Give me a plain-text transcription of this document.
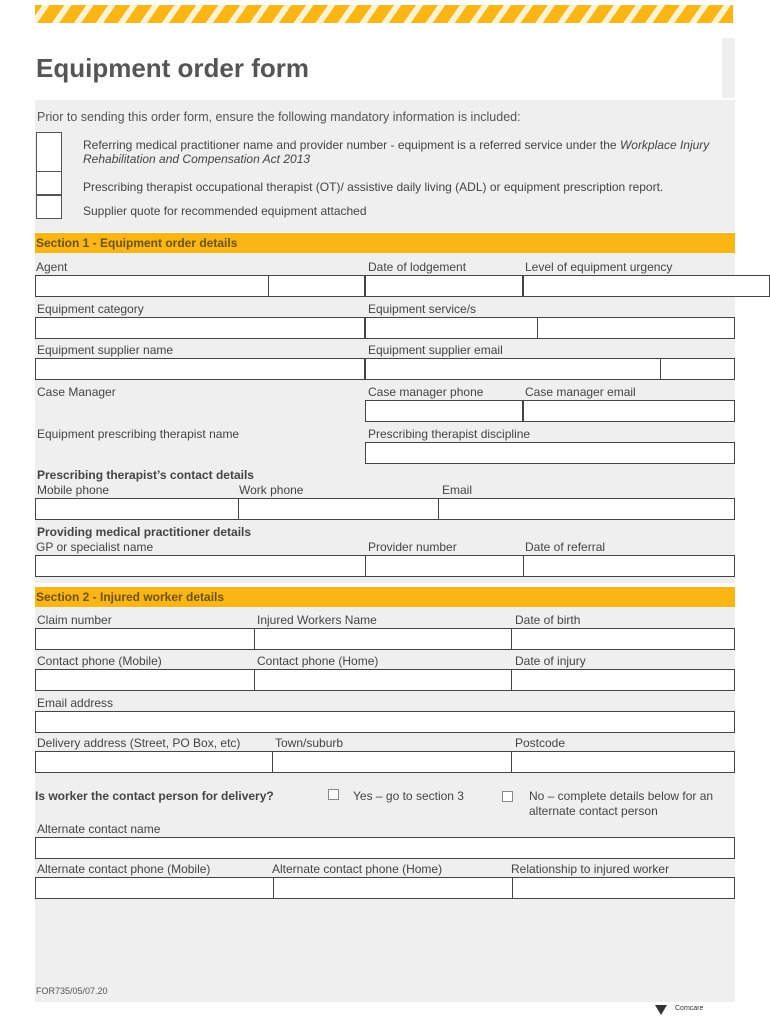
Equipment order form
Prior to sending this order form, ensure the following mandatory information is included:
Referring medical practitioner name and provider number - equipment is a referred service under the Workplace Injury Rehabilitation and Compensation Act 2013
Prescribing therapist occupational therapist (OT)/ assistive daily living (ADL) or equipment prescription report.
Supplier quote for recommended equipment attached
Section 1 - Equipment order details
Agent	Date of lodgement	Level of equipment urgency
Equipment category	Equipment service/s
Equipment supplier name	Equipment supplier email
Case Manager	Case manager phone	Case manager email
Equipment prescribing therapist name	Prescribing therapist discipline
Prescribing therapist’s contact details
Mobile phone	Work phone	Email
Providing medical practitioner details
GP or specialist name	Provider number	Date of referral
Section 2 - Injured worker details
Claim number	Injured Workers Name	Date of birth
Contact phone (Mobile)	Contact phone (Home)	Date of injury
Email address
Delivery address (Street, PO Box, etc)	Town/suburb	Postcode
Is worker the contact person for delivery?	Yes – go to section 3	No – complete details below for an
alternate contact person
Alternate contact name
Alternate contact phone (Mobile)	Alternate contact phone (Home)	Relationship to injured worker
FOR735/05/07.20
Comcare
